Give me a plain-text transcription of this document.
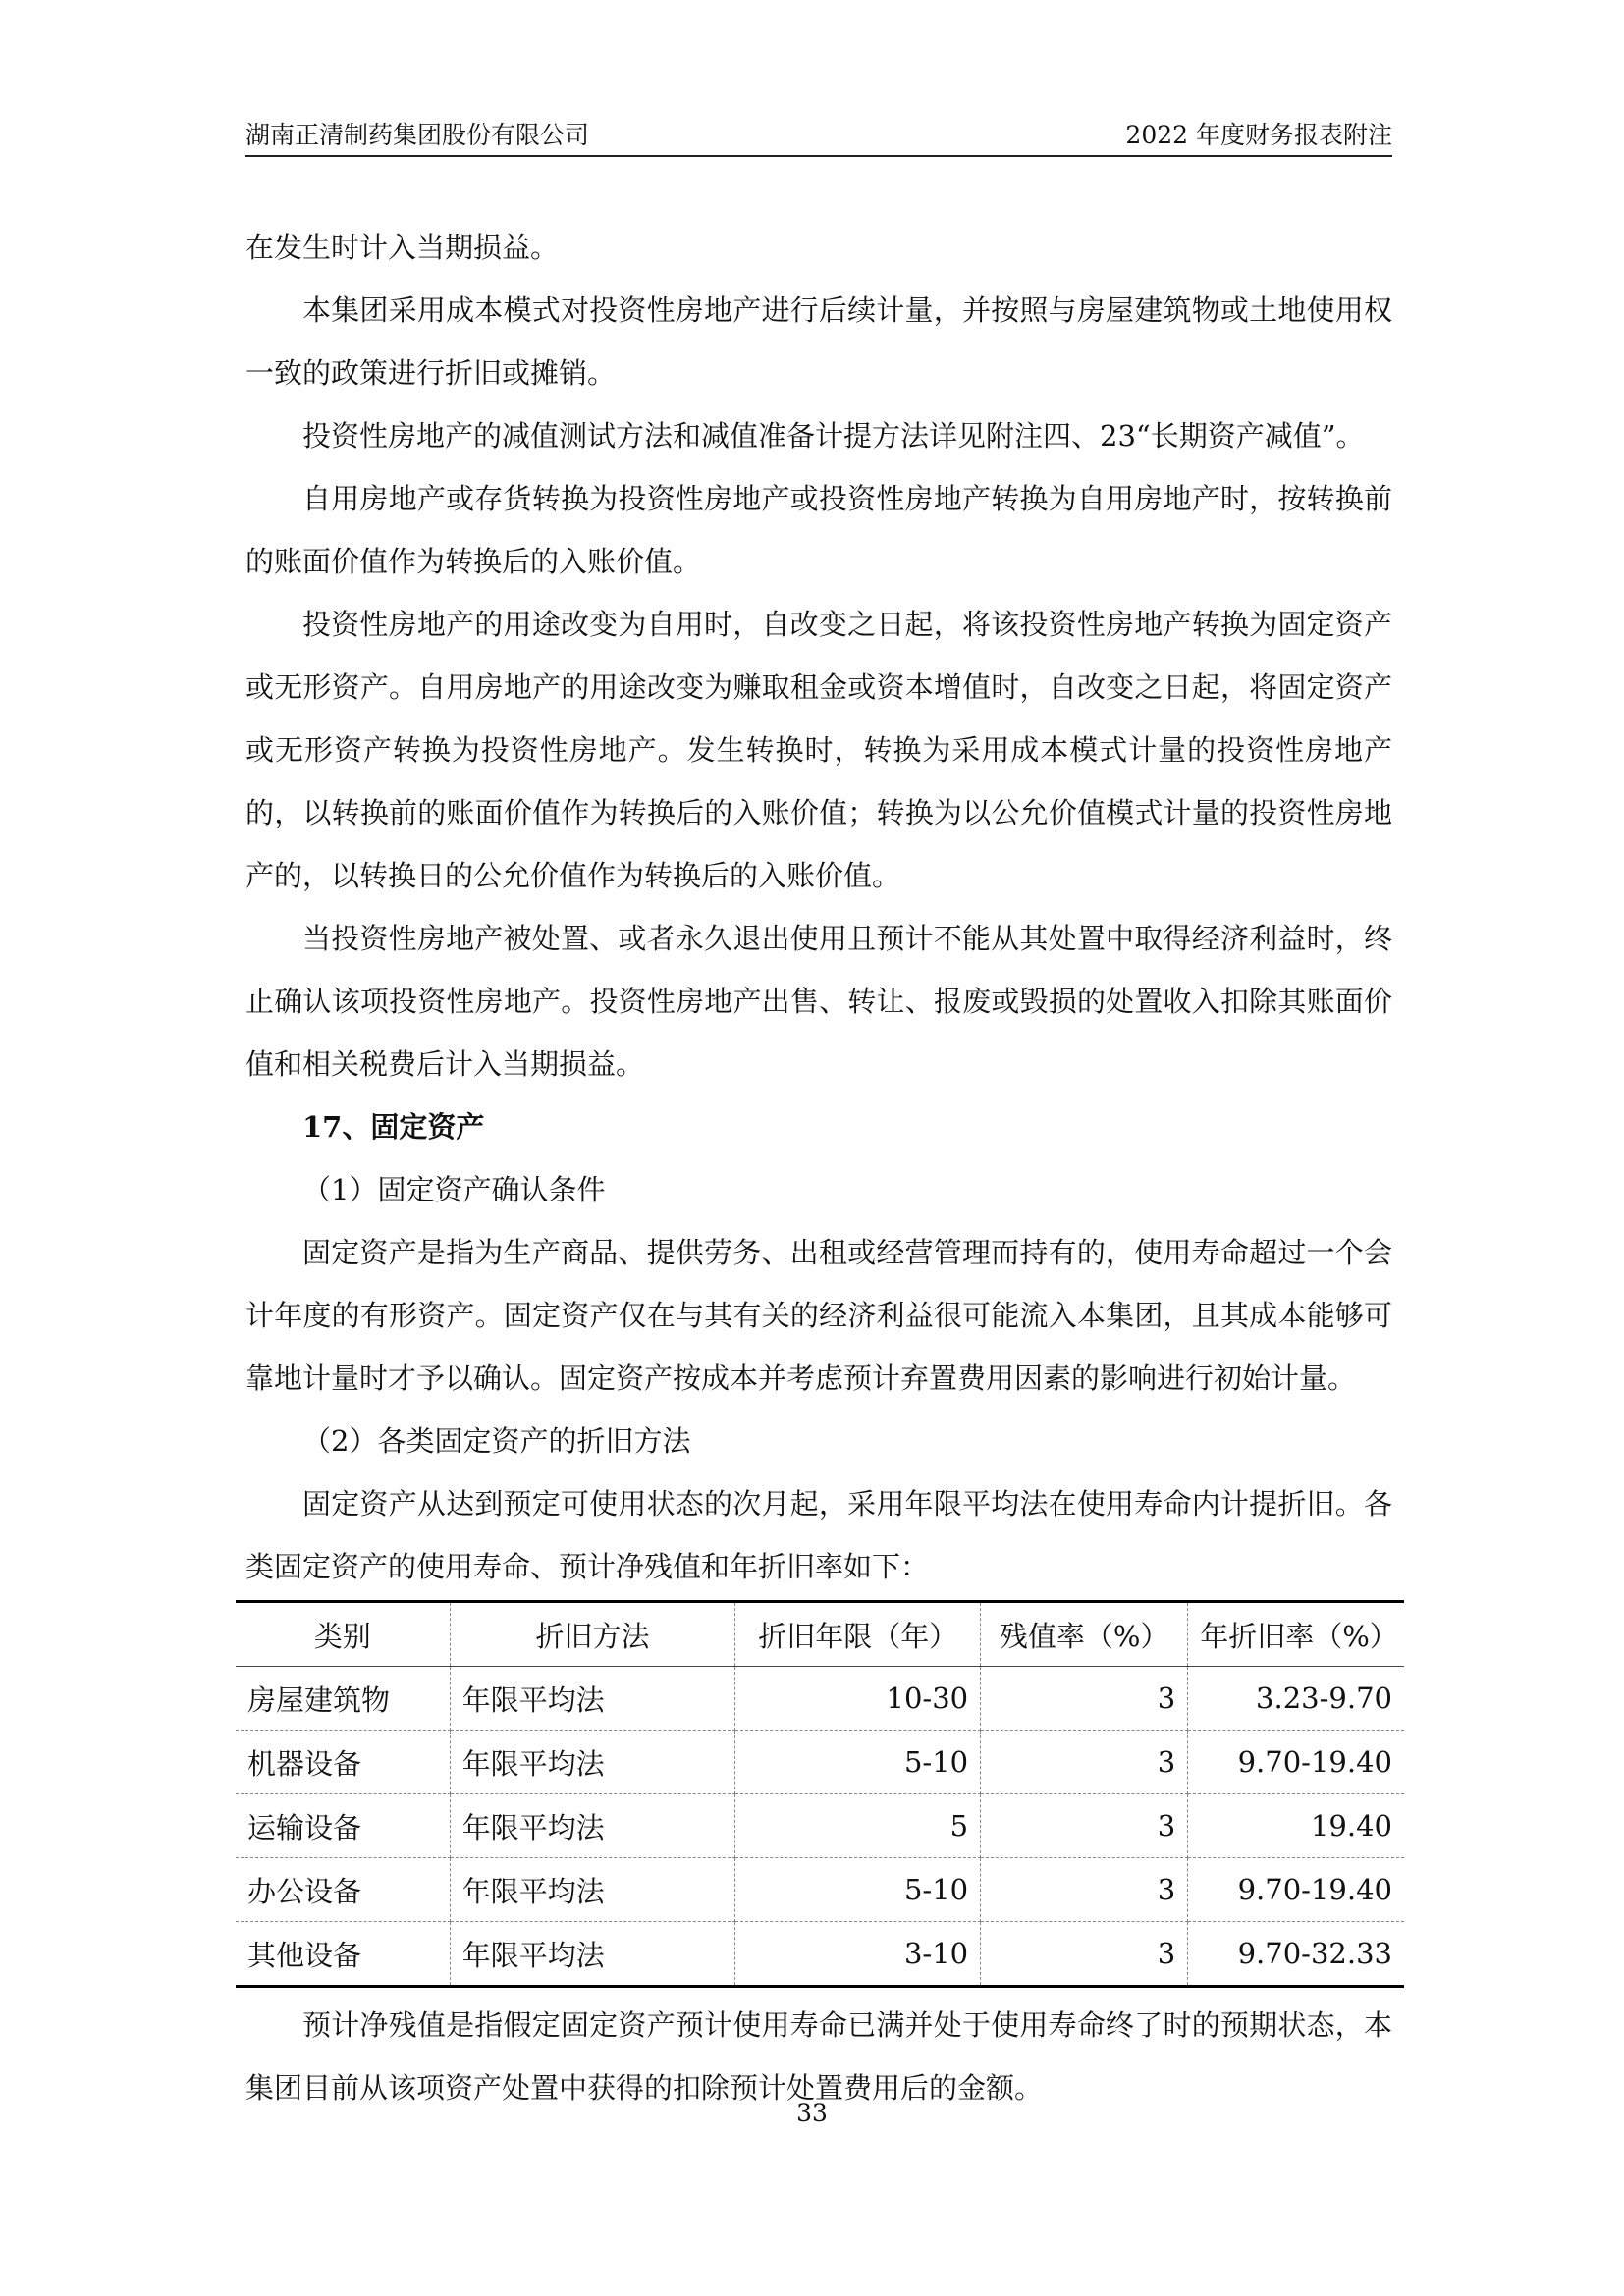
湖南正清制药集团股份有限公司	2022 年度财务报表附注

在发生时计入当期损益。

本集团采用成本模式对投资性房地产进行后续计量，并按照与房屋建筑物或土地使用权一致的政策进行折旧或摊销。

投资性房地产的减值测试方法和减值准备计提方法详见附注四、23“长期资产减值”。

自用房地产或存货转换为投资性房地产或投资性房地产转换为自用房地产时，按转换前的账面价值作为转换后的入账价值。

投资性房地产的用途改变为自用时，自改变之日起，将该投资性房地产转换为固定资产或无形资产。自用房地产的用途改变为赚取租金或资本增值时，自改变之日起，将固定资产或无形资产转换为投资性房地产。发生转换时，转换为采用成本模式计量的投资性房地产的，以转换前的账面价值作为转换后的入账价值；转换为以公允价值模式计量的投资性房地产的，以转换日的公允价值作为转换后的入账价值。

当投资性房地产被处置、或者永久退出使用且预计不能从其处置中取得经济利益时，终止确认该项投资性房地产。投资性房地产出售、转让、报废或毁损的处置收入扣除其账面价值和相关税费后计入当期损益。

17、固定资产

（1）固定资产确认条件

固定资产是指为生产商品、提供劳务、出租或经营管理而持有的，使用寿命超过一个会计年度的有形资产。固定资产仅在与其有关的经济利益很可能流入本集团，且其成本能够可靠地计量时才予以确认。固定资产按成本并考虑预计弃置费用因素的影响进行初始计量。

（2）各类固定资产的折旧方法

固定资产从达到预定可使用状态的次月起，采用年限平均法在使用寿命内计提折旧。各类固定资产的使用寿命、预计净残值和年折旧率如下：

类别	折旧方法	折旧年限（年）	残值率（%）	年折旧率（%）
房屋建筑物	年限平均法	10-30	3	3.23-9.70
机器设备	年限平均法	5-10	3	9.70-19.40
运输设备	年限平均法	5	3	19.40
办公设备	年限平均法	5-10	3	9.70-19.40
其他设备	年限平均法	3-10	3	9.70-32.33

预计净残值是指假定固定资产预计使用寿命已满并处于使用寿命终了时的预期状态，本集团目前从该项资产处置中获得的扣除预计处置费用后的金额。

33
